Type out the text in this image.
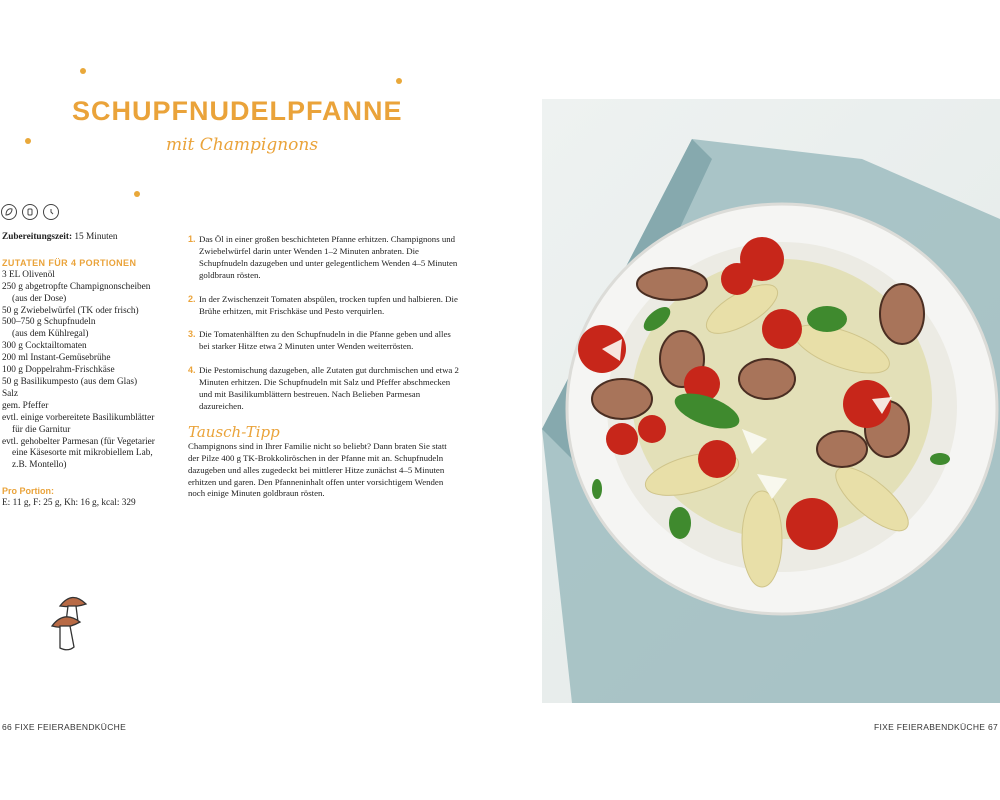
SCHUPFNUDELPFANNE
mit Champignons
Zubereitungszeit: 15 Minuten
ZUTATEN FÜR 4 PORTIONEN
3 EL Olivenöl
250 g abgetropfte Champignonscheiben
(aus der Dose)
50 g Zwiebelwürfel (TK oder frisch)
500–750 g Schupfnudeln
(aus dem Kühlregal)
300 g Cocktailtomaten
200 ml Instant-Gemüsebrühe
100 g Doppelrahm-Frischkäse
50 g Basilikumpesto (aus dem Glas)
Salz
gem. Pfeffer
evtl. einige vorbereitete Basilikumblätter
für die Garnitur
evtl. gehobelter Parmesan (für Vegetarier
eine Käsesorte mit mikrobiellem Lab,
z.B. Montello)
Pro Portion:
E: 11 g, F: 25 g, Kh: 16 g, kcal: 329
1. Das Öl in einer großen beschichteten Pfanne erhitzen. Champignons und Zwiebelwürfel darin unter Wenden 1–2 Minuten anbraten. Die Schupfnudeln dazugeben und unter gelegentlichem Wenden 4–5 Minuten goldbraun rösten.
2. In der Zwischenzeit Tomaten abspülen, trocken tupfen und halbieren. Die Brühe erhitzen, mit Frischkäse und Pesto verquirlen.
3. Die Tomatenhälften zu den Schupfnudeln in die Pfanne geben und alles bei starker Hitze etwa 2 Minuten unter Wenden weiterrösten.
4. Die Pestomischung dazugeben, alle Zutaten gut durchmischen und etwa 2 Minuten erhitzen. Die Schupfnudeln mit Salz und Pfeffer abschmecken und mit Basilikumblättern bestreuen. Nach Belieben Parmesan dazureichen.
Tausch-Tipp
Champignons sind in Ihrer Familie nicht so beliebt? Dann braten Sie statt der Pilze 400 g TK-Brokkoliröschen in der Pfanne mit an. Schupfnudeln dazugeben und alles zugedeckt bei mittlerer Hitze zunächst 4–5 Minuten erhitzen und garen. Den Pfanneninhalt offen unter vorsichtigem Wenden noch einige Minuten goldbraun rösten.
66 FIXE FEIERABENDKÜCHE	FIXE FEIERABENDKÜCHE 67
